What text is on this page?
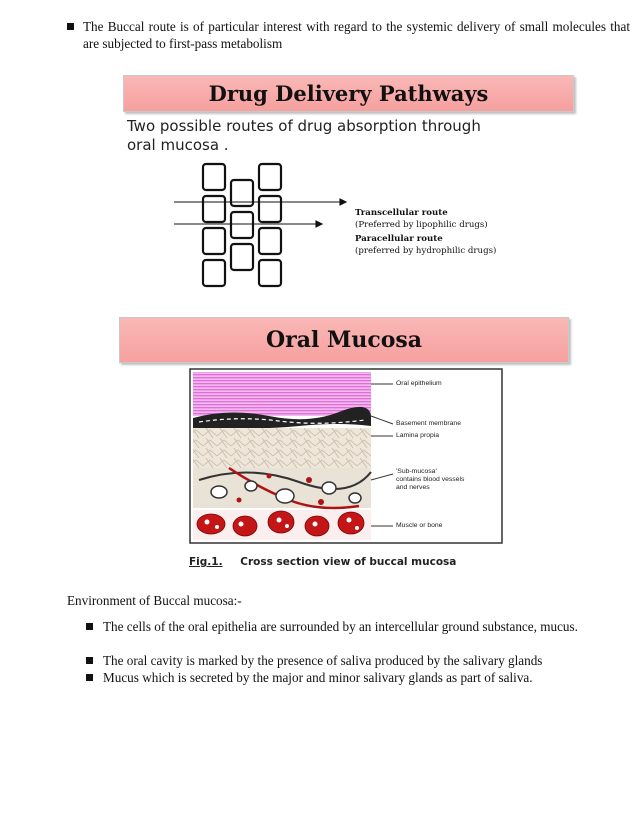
The Buccal route is of particular interest with regard to the systemic delivery of small molecules that are subjected to first-pass metabolism
Drug Delivery Pathways
Two possible routes of drug absorption through
oral mucosa .
Transcellular route
(Preferred by lipophilic drugs)
Paracellular route
(preferred by hydrophilic drugs)
Oral Mucosa
Oral epithelium
Basement membrane
Lamina propia
'Sub-mucosa'
contains blood vessels
and nerves
Muscle or bone
Fig.1. Cross section view of buccal mucosa
Environment of Buccal mucosa:-
The cells of the oral epithelia are surrounded by an intercellular ground substance, mucus.
The oral cavity is marked by the presence of saliva produced by the salivary glands
Mucus which is secreted by the major and minor salivary glands as part of saliva.
